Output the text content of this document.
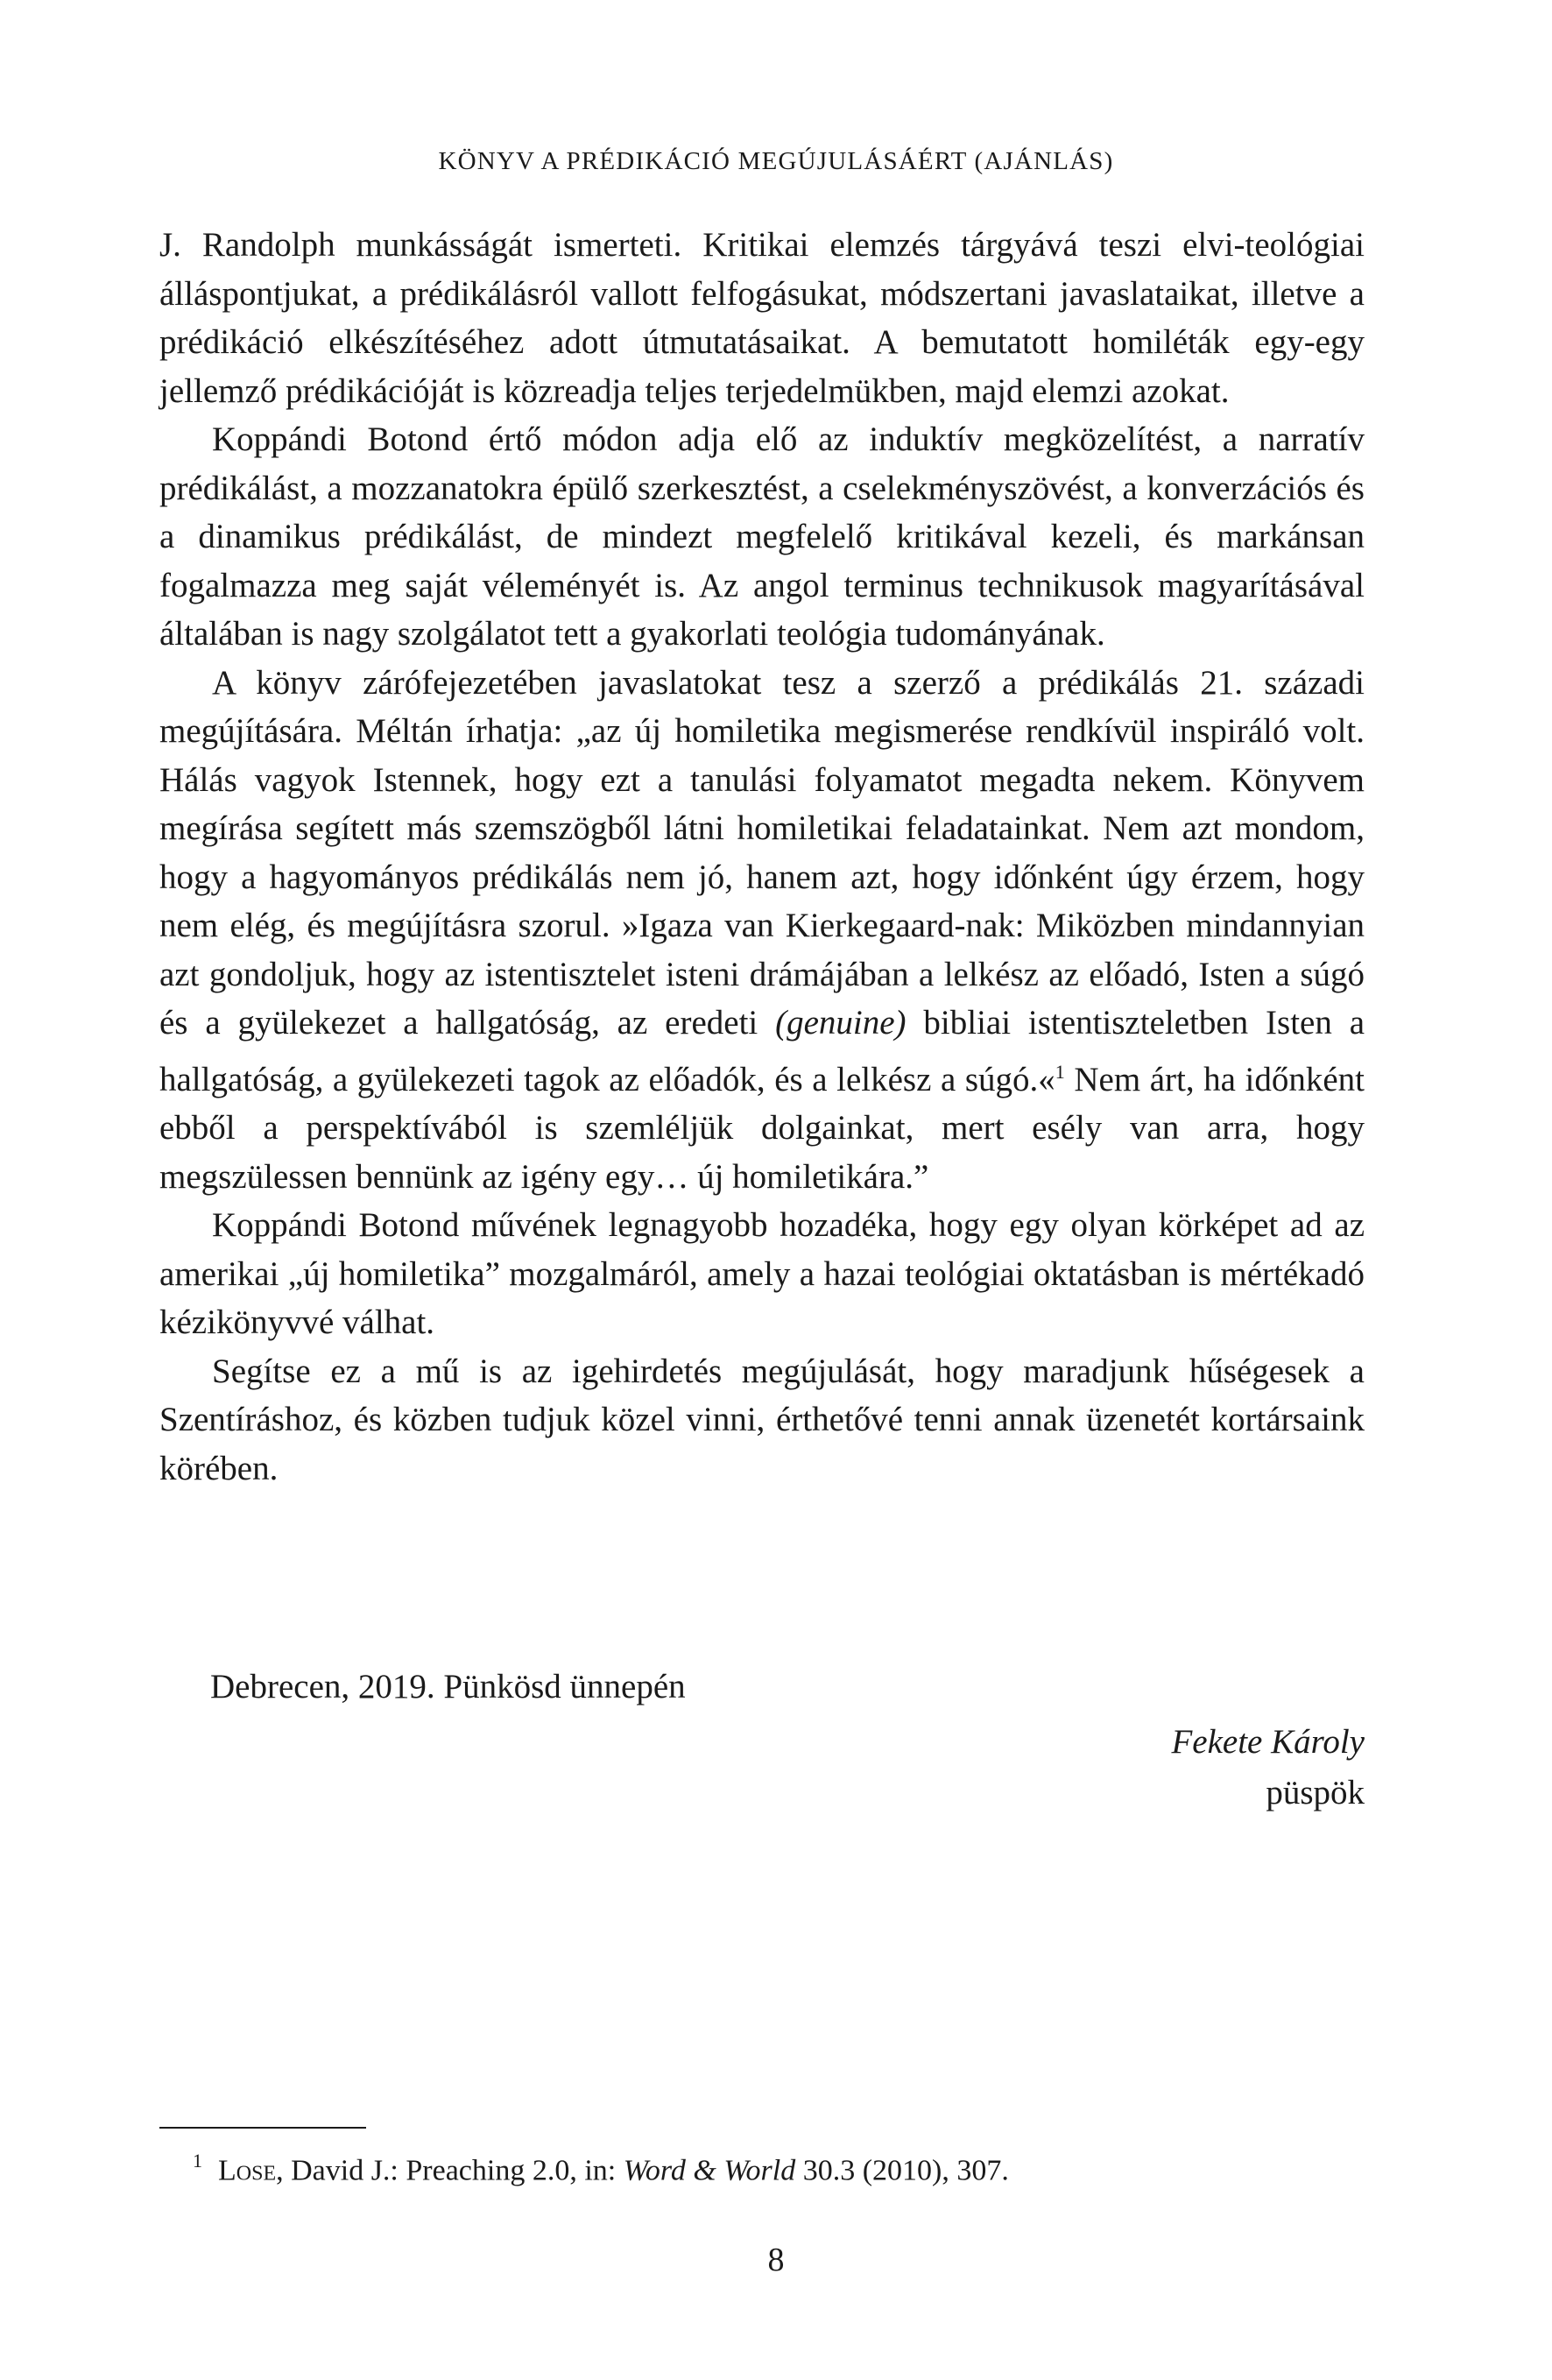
KÖNYV A PRÉDIKÁCIÓ MEGÚJULÁSÁÉRT (AJÁNLÁS)

J. Randolph munkásságát ismerteti. Kritikai elemzés tárgyává teszi elvi-teológiai álláspontjukat, a prédikálásról vallott felfogásukat, módszertani javaslataikat, illetve a prédikáció elkészítéséhez adott útmutatásaikat. A bemutatott homiléták egy-egy jellemző prédikációját is közreadja teljes terjedelmükben, majd elemzi azokat.

Koppándi Botond értő módon adja elő az induktív megközelítést, a narratív prédikálást, a mozzanatokra épülő szerkesztést, a cselekményszövést, a konverzációs és a dinamikus prédikálást, de mindezt megfelelő kritikával kezeli, és markánsan fogalmazza meg saját véleményét is. Az angol terminus technikusok magyarításával általában is nagy szolgálatot tett a gyakorlati teológia tudományának.

A könyv zárófejezetében javaslatokat tesz a szerző a prédikálás 21. századi megújítására. Méltán írhatja: „az új homiletika megismerése rendkívül inspiráló volt. Hálás vagyok Istennek, hogy ezt a tanulási folyamatot megadta nekem. Könyvem megírása segített más szemszögből látni homiletikai feladatainkat. Nem azt mondom, hogy a hagyományos prédikálás nem jó, hanem azt, hogy időnként úgy érzem, hogy nem elég, és megújításra szorul. »Igaza van Kierkegaard-nak: Miközben mindannyian azt gondoljuk, hogy az istentisztelet isteni drámájában a lelkész az előadó, Isten a súgó és a gyülekezet a hallgatóság, az eredeti (genuine) bibliai istentiszteletben Isten a hallgatóság, a gyülekezeti tagok az előadók, és a lelkész a súgó.«$^1$ Nem árt, ha időnként ebből a perspektívából is szemléljük dolgainkat, mert esély van arra, hogy megszülessen bennünk az igény egy… új homiletikára.”

Koppándi Botond művének legnagyobb hozadéka, hogy egy olyan körképet ad az amerikai „új homiletika” mozgalmáról, amely a hazai teológiai oktatásban is mértékadó kézikönyvvé válhat.

Segítse ez a mű is az igehirdetés megújulását, hogy maradjunk hűségesek a Szentíráshoz, és közben tudjuk közel vinni, érthetővé tenni annak üzenetét kortársaink körében.

Debrecen, 2019. Pünkösd ünnepén
Fekete Károly
püspök
$^1$ Lose, David J.: Preaching 2.0, in: Word & World 30.3 (2010), 307.
8
